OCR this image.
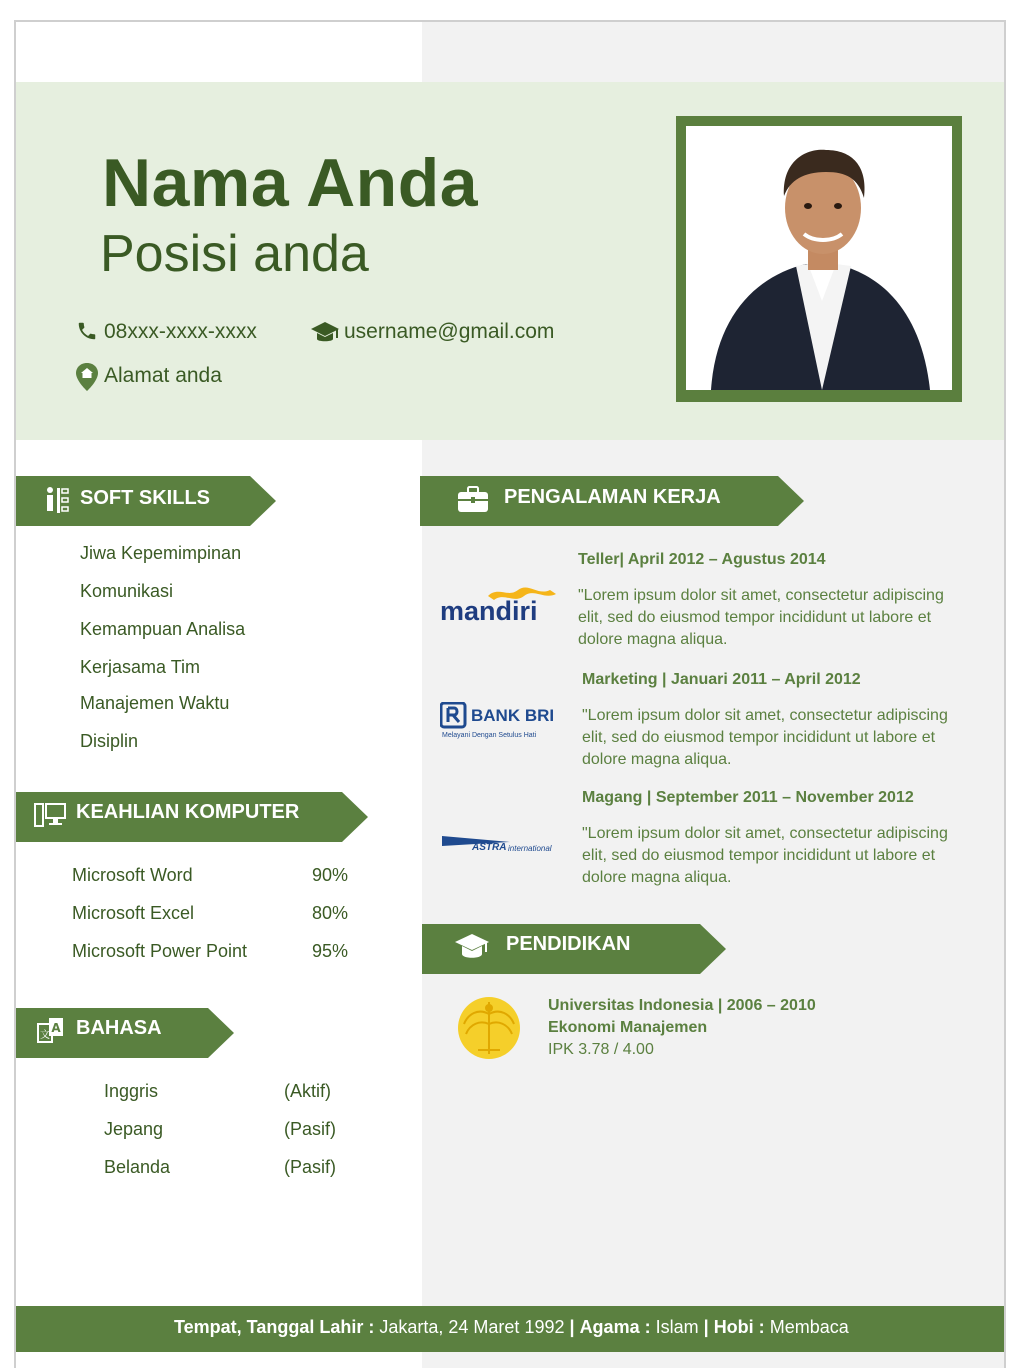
Nama Anda
Posisi anda
08xxx-xxxx-xxxx	username@gmail.com
Alamat anda
SOFT SKILLS
Jiwa Kepemimpinan
Komunikasi
Kemampuan Analisa
Kerjasama Tim
Manajemen Waktu
Disiplin
KEAHLIAN KOMPUTER
Microsoft Word	90%
Microsoft Excel	80%
Microsoft Power Point	95%
A
文 BAHASA
Inggris	(Aktif)
Jepang	(Pasif)
Belanda	(Pasif)
PENGALAMAN KERJA
mandiri
Teller| April 2012 – Agustus 2014
"Lorem ipsum dolor sit amet, consectetur adipiscing elit, sed do eiusmod tempor incididunt ut labore et dolore magna aliqua.
BANK BRI
Melayani Dengan Setulus Hati
Marketing | Januari 2011 – April 2012
"Lorem ipsum dolor sit amet, consectetur adipiscing elit, sed do eiusmod tempor incididunt ut labore et dolore magna aliqua.
ASTRA international
Magang | September 2011 – November 2012
"Lorem ipsum dolor sit amet, consectetur adipiscing elit, sed do eiusmod tempor incididunt ut labore et dolore magna aliqua.
PENDIDIKAN
Universitas Indonesia | 2006 – 2010
Ekonomi Manajemen
IPK 3.78 / 4.00
Tempat, Tanggal Lahir : Jakarta, 24 Maret 1992 | Agama : Islam | Hobi : Membaca
